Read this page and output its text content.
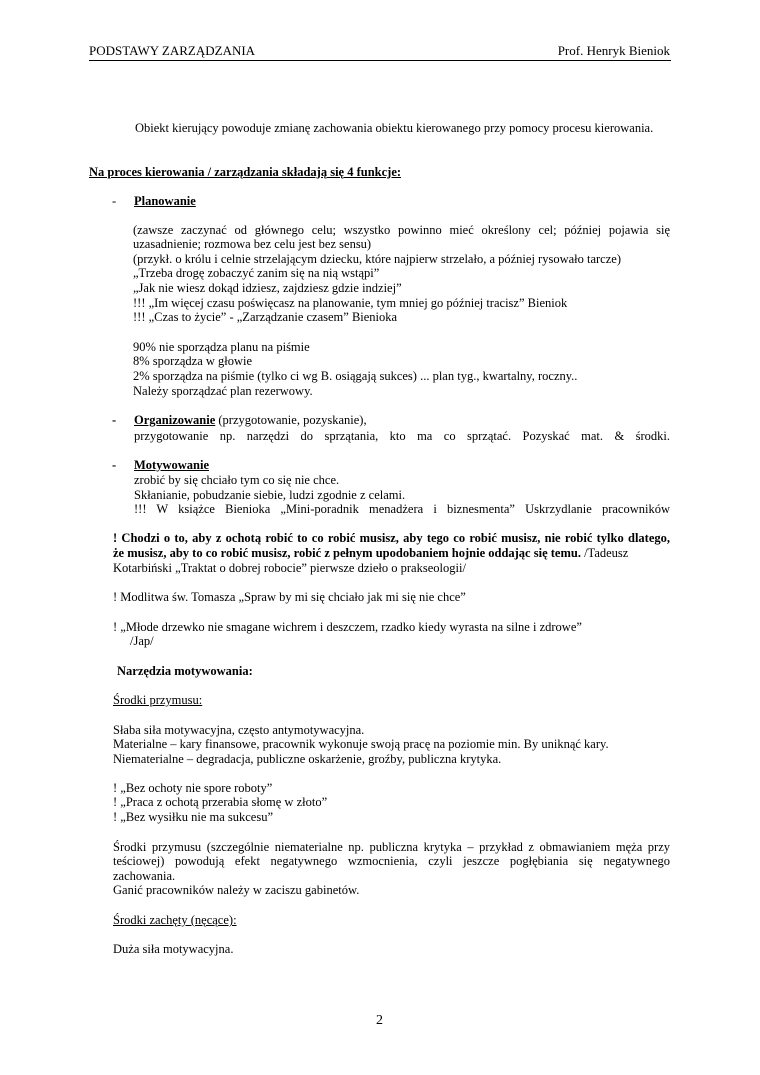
PODSTAWY ZARZĄDZANIA	Prof. Henryk Bieniok
Obiekt kierujący powoduje zmianę zachowania obiektu kierowanego przy pomocy procesu kierowania.
Na proces kierowania / zarządzania składają się 4 funkcje:
- Planowanie
(zawsze zaczynać od głównego celu; wszystko powinno mieć określony cel; później pojawia się
uzasadnienie; rozmowa bez celu jest bez sensu)
(przykł. o królu i celnie strzelającym dziecku, które najpierw strzelało, a później rysowało tarcze)
„Trzeba drogę zobaczyć zanim się na nią wstąpi”
„Jak nie wiesz dokąd idziesz, zajdziesz gdzie indziej”
!!! „Im więcej czasu poświęcasz na planowanie, tym mniej go później tracisz” Bieniok
!!! „Czas to życie” - „Zarządzanie czasem” Bienioka
90% nie sporządza planu na piśmie
8% sporządza w głowie
2% sporządza na piśmie (tylko ci wg B. osiągają sukces) ... plan tyg., kwartalny, roczny..
Należy sporządzać plan rezerwowy.
- Organizowanie (przygotowanie, pozyskanie),
przygotowanie np. narzędzi do sprzątania, kto ma co sprzątać. Pozyskać mat. & środki.
- Motywowanie
zrobić by się chciało tym co się nie chce.
Skłanianie, pobudzanie siebie, ludzi zgodnie z celami.
!!! W książce Bienioka „Mini-poradnik menadżera i biznesmenta” Uskrzydlanie pracowników
! Chodzi o to, aby z ochotą robić to co robić musisz, aby tego co robić musisz, nie robić tylko dlatego,
że musisz, aby to co robić musisz, robić z pełnym upodobaniem hojnie oddając się temu. /Tadeusz
Kotarbiński „Traktat o dobrej robocie” pierwsze dzieło o prakseologii/
! Modlitwa św. Tomasza „Spraw by mi się chciało jak mi się nie chce”
! „Młode drzewko nie smagane wichrem i deszczem, rzadko kiedy wyrasta na silne i zdrowe”
/Jap/
Narzędzia motywowania:
Środki przymusu:
Słaba siła motywacyjna, często antymotywacyjna.
Materialne – kary finansowe, pracownik wykonuje swoją pracę na poziomie min. By uniknąć kary.
Niematerialne – degradacja, publiczne oskarżenie, groźby, publiczna krytyka.
! „Bez ochoty nie spore roboty”
! „Praca z ochotą przerabia słomę w złoto”
! „Bez wysiłku nie ma sukcesu”
Środki przymusu (szczególnie niematerialne np. publiczna krytyka – przykład z obmawianiem męża przy
teściowej) powodują efekt negatywnego wzmocnienia, czyli jeszcze pogłębiania się negatywnego
zachowania.
Ganić pracowników należy w zaciszu gabinetów.
Środki zachęty (nęcące):
Duża siła motywacyjna.
2
